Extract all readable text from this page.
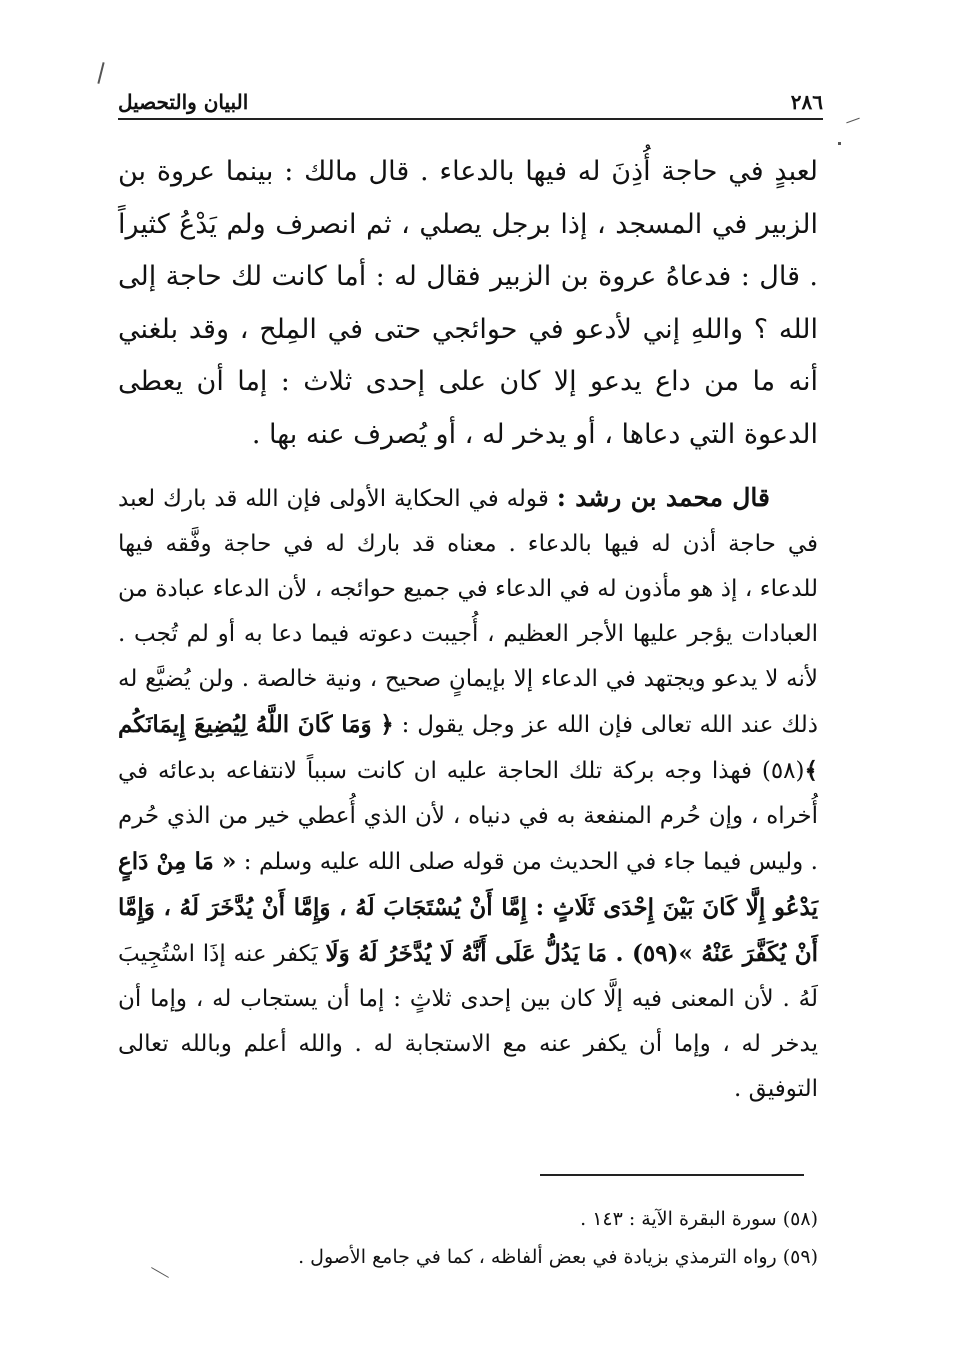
٢٨٦
البيان والتحصيل

لعبدٍ في حاجة أُذِنَ له فيها بالدعاء . قال مالك : بينما عروة بن الزبير في المسجد ، إذا برجل يصلي ، ثم انصرف ولم يَدْعُ كثيراً . قال : فدعاهُ عروة بن الزبير فقال له : أما كانت لك حاجة إلى الله ؟ واللهِ إني لأدعو في حوائجي حتى في المِلح ، وقد بلغني أنه ما من داع يدعو إلا كان على إحدى ثلاث : إما أن يعطى الدعوة التي دعاها ، أو يدخر له ، أو يُصرف عنه بها .

قال محمد بن رشد : قوله في الحكاية الأولى فإن الله قد بارك لعبد في حاجة أذن له فيها بالدعاء . معناه قد بارك له في حاجة وفَّقه فيها للدعاء ، إذ هو مأذون له في الدعاء في جميع حوائجه ، لأن الدعاء عبادة من العبادات يؤجر عليها الأجر العظيم ، أُجيبت دعوته فيما دعا به أو لم تُجب . لأنه لا يدعو ويجتهد في الدعاء إلا بإيمانٍ صحيح ، ونية خالصة . ولن يُضيَّع له ذلك عند الله تعالى فإن الله عز وجل يقول : ﴿ وَمَا كَانَ اللَّهُ لِيُضِيعَ إِيمَانَكُم ﴾(٥٨) فهذا وجه بركة تلك الحاجة عليه ان كانت سبباً لانتفاعه بدعائه في أُخراه ، وإن حُرم المنفعة به في دنياه ، لأن الذي أُعطي خير من الذي حُرم . وليس فيما جاء في الحديث من قوله صلى الله عليه وسلم : « مَا مِنْ دَاعٍ يَدْعُو إِلَّا كَانَ بَيْنَ إِحْدَى ثَلَاثٍ : إِمَّا أَنْ يُسْتَجَابَ لَهُ ، وَإِمَّا أَنْ يُدَّخَرَ لَهُ ، وَإِمَّا أَنْ يُكَفَّرَ عَنْهُ »(٥٩) . مَا يَدُلُّ عَلَى أَنَّهُ لَا يُدَّخَرُ لَهُ وَلَا يَكفر عنه إذَا اسْتُجِيبَ لَهُ . لأن المعنى فيه إلَّا كان بين إحدى ثلاثٍ : إما أن يستجاب له ، وإما أن يدخر له ، وإما أن يكفر عنه مع الاستجابة له . والله أعلم وبالله تعالى التوفيق .

(٥٨) سورة البقرة الآية : ١٤٣ .

(٥٩) رواه الترمذي بزيادة في بعض ألفاظه ، كما في جامع الأصول .
